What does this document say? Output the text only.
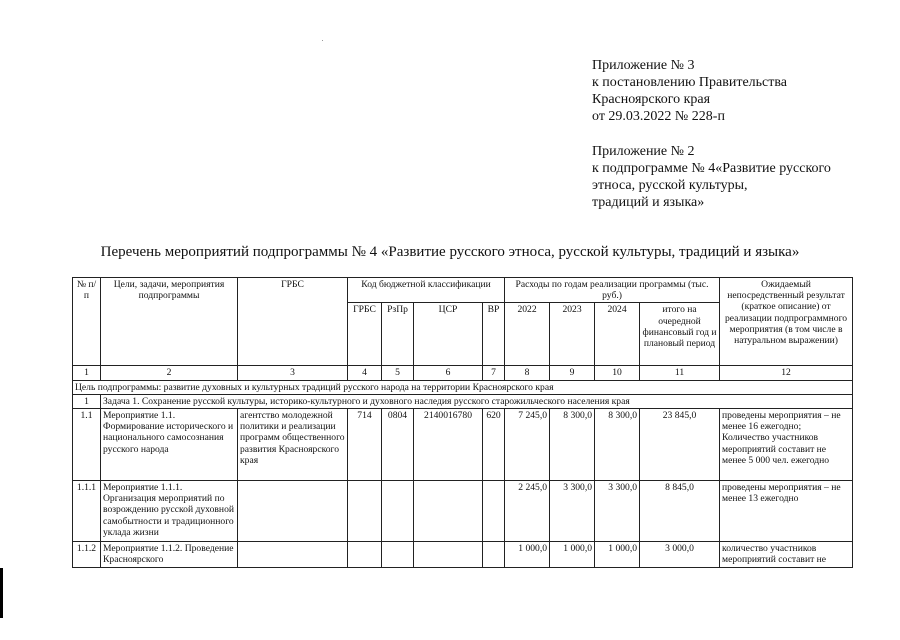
Приложение № 3
к постановлению Правительства
Красноярского края
от 29.03.2022 № 228-п
Приложение № 2
к подпрограмме № 4«Развитие русского
этноса, русской культуры,
традиций и языка»
Перечень мероприятий подпрограммы № 4 «Развитие русского этноса, русской культуры, традиций и языка»
№ п/п	Цели, задачи, мероприятия подпрограммы	ГРБС	Код бюджетной классификации				Расходы по годам реализации программы (тыс. руб.)				Ожидаемый непосредственный результат (краткое описание) от реализации подпрограммного мероприятия (в том числе в натуральном выражении)
			ГРБС	РзПр	ЦСР	ВР	2022	2023	2024	итого на очередной финансовый год и плановый период	
1	2	3	4	5	6	7	8	9	10	11	12
Цель подпрограммы: развитие духовных и культурных традиций русского народа на территории Красноярского края											
1	Задача 1. Сохранение русской культуры, историко-культурного и духовного наследия русского старожильческого населения края										
1.1	Мероприятие 1.1. Формирование исторического и национального самосознания русского народа	агентство молодежной политики и реализации программ общественного развития Красноярского края	714	0804	2140016780	620	7 245,0	8 300,0	8 300,0	23 845,0	проведены мероприятия – не менее 16 ежегодно; Количество участников мероприятий составит не менее 5 000 чел. ежегодно
1.1.1	Мероприятие 1.1.1. Организация мероприятий по возрождению русской духовной самобытности и традиционного уклада жизни						2 245,0	3 300,0	3 300,0	8 845,0	проведены мероприятия – не менее 13 ежегодно
1.1.2	Мероприятие 1.1.2. Проведение Красноярского						1 000,0	1 000,0	1 000,0	3 000,0	количество участников мероприятий составит не
